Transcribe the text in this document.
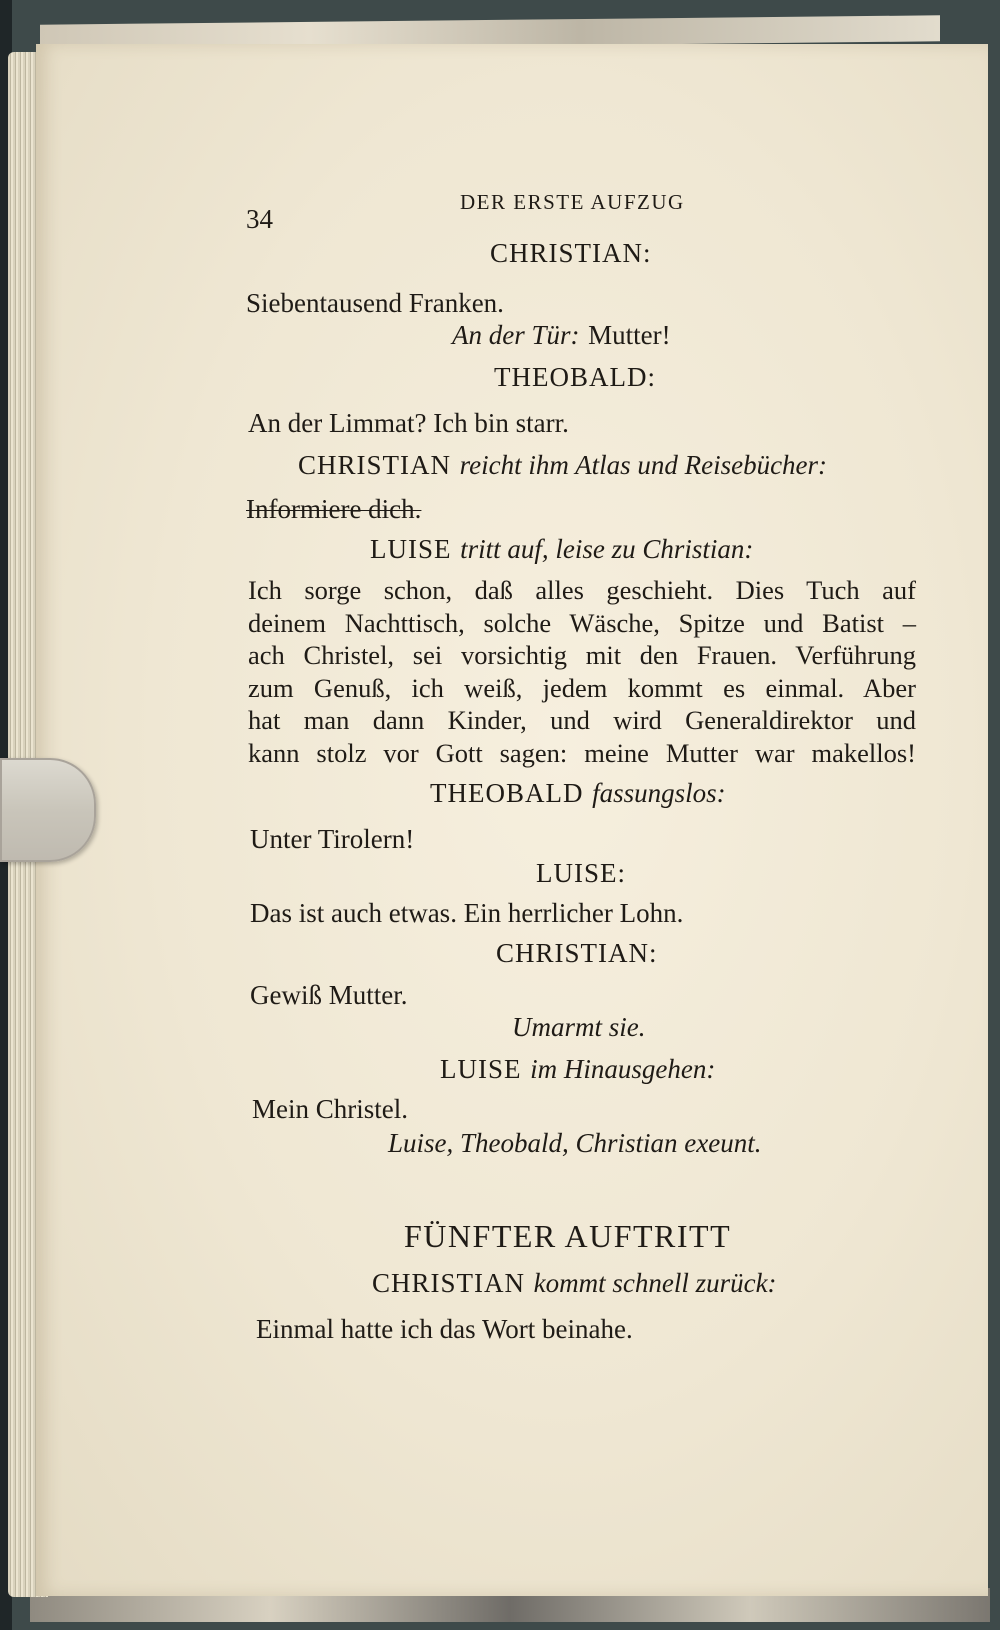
34
DER ERSTE AUFZUG
CHRISTIAN:
Siebentausend Franken.
An der Tür: Mutter!
THEOBALD:
An der Limmat? Ich bin starr.
CHRISTIAN reicht ihm Atlas und Reisebücher:
Informiere dich.
LUISE tritt auf, leise zu Christian:
Ich sorge schon, daß alles geschieht. Dies Tuch auf
deinem Nachttisch, solche Wäsche, Spitze und Batist –
ach Christel, sei vorsichtig mit den Frauen. Verführung
zum Genuß, ich weiß, jedem kommt es einmal. Aber
hat man dann Kinder, und wird Generaldirektor und
kann stolz vor Gott sagen: meine Mutter war makellos!
THEOBALD fassungslos:
Unter Tirolern!
LUISE:
Das ist auch etwas. Ein herrlicher Lohn.
CHRISTIAN:
Gewiß Mutter.
Umarmt sie.
LUISE im Hinausgehen:
Mein Christel.
Luise, Theobald, Christian exeunt.
FÜNFTER AUFTRITT
CHRISTIAN kommt schnell zurück:
Einmal hatte ich das Wort beinahe.
